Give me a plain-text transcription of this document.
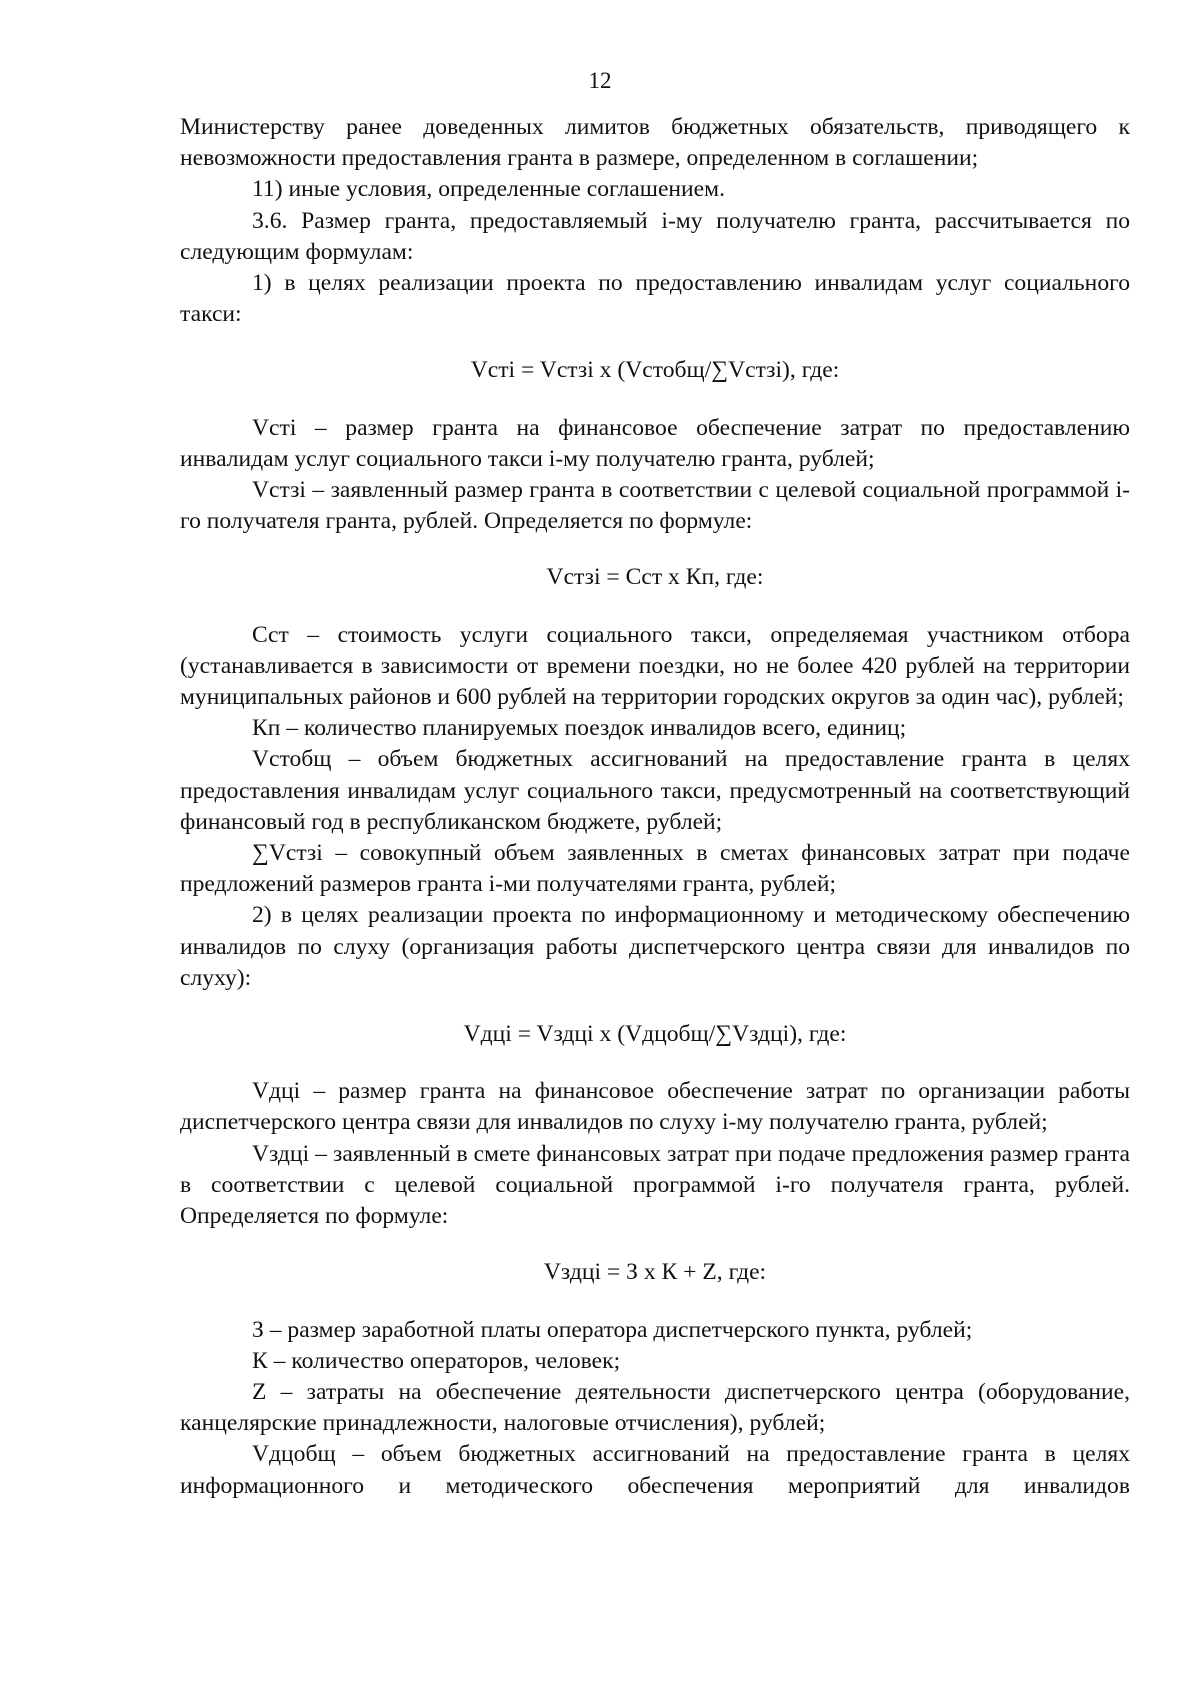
12

Министерству ранее доведенных лимитов бюджетных обязательств, приводящего к невозможности предоставления гранта в размере, определенном в соглашении;

11) иные условия, определенные соглашением.

3.6. Размер гранта, предоставляемый i-му получателю гранта, рассчитывается по следующим формулам:

1) в целях реализации проекта по предоставлению инвалидам услуг социального такси:

Vcтi = Vcтзi x (Vcтобщ/∑Vcтзi), где:

Vcтi – размер гранта на финансовое обеспечение затрат по предоставлению инвалидам услуг социального такси i-му получателю гранта, рублей;

Vcтзi – заявленный размер гранта в соответствии с целевой социальной программой i-го получателя гранта, рублей. Определяется по формуле:

Vcтзi = Cст x Кп, где:

Сст – стоимость услуги социального такси, определяемая участником отбора (устанавливается в зависимости от времени поездки, но не более 420 рублей на территории муниципальных районов и 600 рублей на территории городских округов за один час), рублей;

Кп – количество планируемых поездок инвалидов всего, единиц;

Vcтобщ – объем бюджетных ассигнований на предоставление гранта в целях предоставления инвалидам услуг социального такси, предусмотренный на соответствующий финансовый год в республиканском бюджете, рублей;

∑Vcтзi – совокупный объем заявленных в сметах финансовых затрат при подаче предложений размеров гранта i-ми получателями гранта, рублей;

2) в целях реализации проекта по информационному и методическому обеспечению инвалидов по слуху (организация работы диспетчерского центра связи для инвалидов по слуху):

Vдцi = Vздцi x (Vдцобщ/∑Vздцi), где:

Vдцi – размер гранта на финансовое обеспечение затрат по организации работы диспетчерского центра связи для инвалидов по слуху i-му получателю гранта, рублей;

Vздцi – заявленный в смете финансовых затрат при подаче предложения размер гранта в соответствии с целевой социальной программой i-го получателя гранта, рублей. Определяется по формуле:

Vздцi = З x К + Z, где:

З – размер заработной платы оператора диспетчерского пункта, рублей;

К – количество операторов, человек;

Z – затраты на обеспечение деятельности диспетчерского центра (оборудование, канцелярские принадлежности, налоговые отчисления), рублей;

Vдцобщ – объем бюджетных ассигнований на предоставление гранта в целях информационного и методического обеспечения мероприятий для инвалидов
